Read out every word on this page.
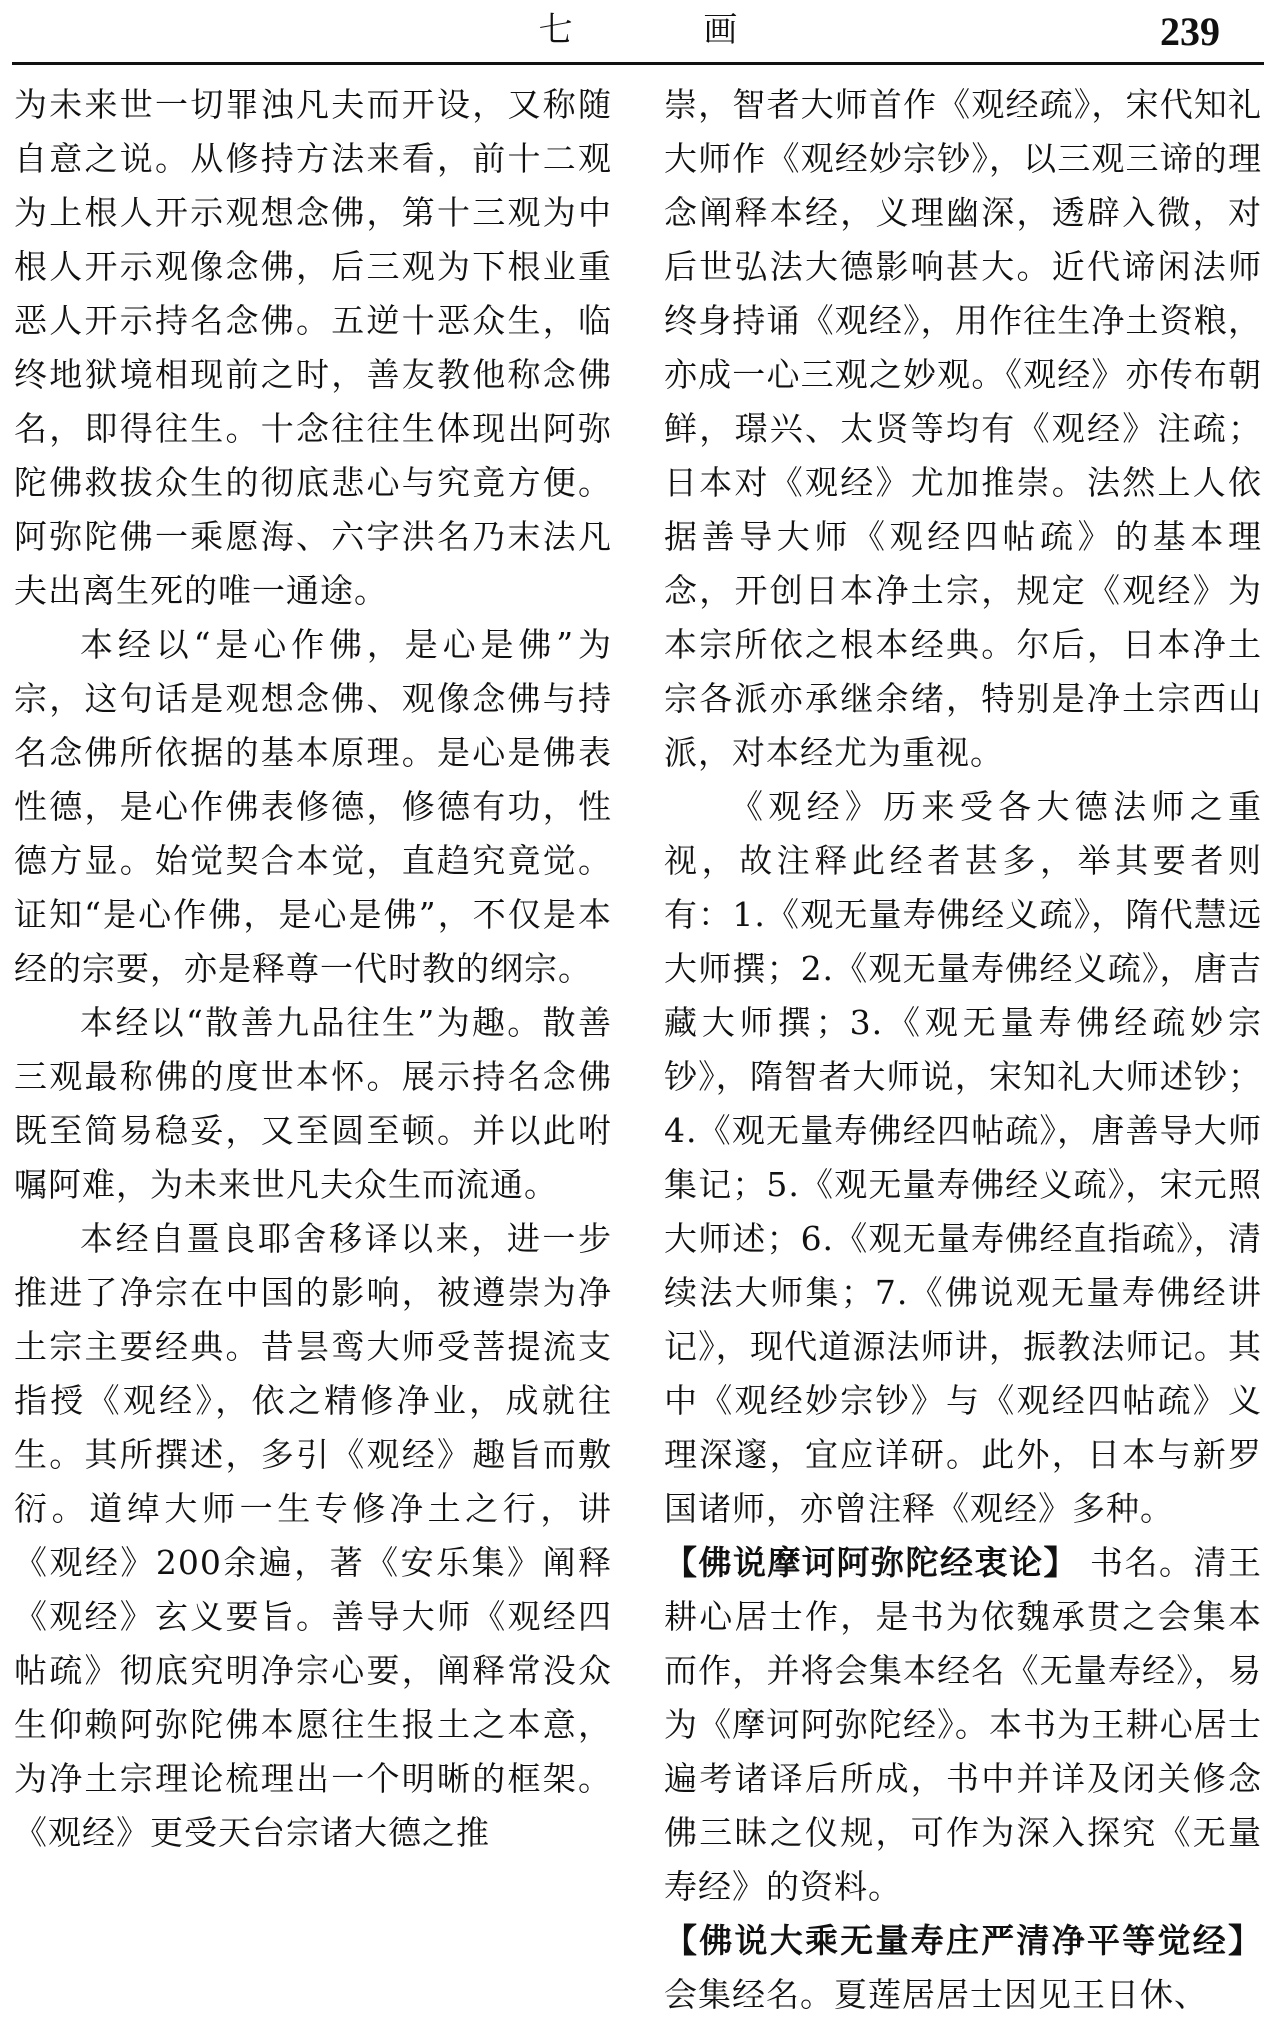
七 画	239

为未来世一切罪浊凡夫而开设，又称随自意之说。从修持方法来看，前十二观为上根人开示观想念佛，第十三观为中根人开示观像念佛，后三观为下根业重恶人开示持名念佛。五逆十恶众生，临终地狱境相现前之时，善友教他称念佛名，即得往生。十念往往生体现出阿弥陀佛救拔众生的彻底悲心与究竟方便。阿弥陀佛一乘愿海、六字洪名乃末法凡夫出离生死的唯一通途。

本经以“是心作佛，是心是佛”为宗，这句话是观想念佛、观像念佛与持名念佛所依据的基本原理。是心是佛表性德，是心作佛表修德，修德有功，性德方显。始觉契合本觉，直趋究竟觉。证知“是心作佛，是心是佛”，不仅是本经的宗要，亦是释尊一代时教的纲宗。

本经以“散善九品往生”为趣。散善三观最称佛的度世本怀。展示持名念佛既至简易稳妥，又至圆至顿。并以此咐嘱阿难，为未来世凡夫众生而流通。

本经自畺良耶舍移译以来，进一步推进了净宗在中国的影响，被遵崇为净土宗主要经典。昔昙鸾大师受菩提流支指授《观经》，依之精修净业，成就往生。其所撰述，多引《观经》趣旨而敷衍。道绰大师一生专修净土之行，讲《观经》200余遍，著《安乐集》阐释《观经》玄义要旨。善导大师《观经四帖疏》彻底究明净宗心要，阐释常没众生仰赖阿弥陀佛本愿往生报土之本意，为净土宗理论梳理出一个明晰的框架。《观经》更受天台宗诸大德之推

崇，智者大师首作《观经疏》，宋代知礼大师作《观经妙宗钞》，以三观三谛的理念阐释本经，义理幽深，透辟入微，对后世弘法大德影响甚大。近代谛闲法师终身持诵《观经》，用作往生净土资粮，亦成一心三观之妙观。《观经》亦传布朝鲜，璟兴、太贤等均有《观经》注疏；日本对《观经》尤加推崇。法然上人依据善导大师《观经四帖疏》的基本理念，开创日本净土宗，规定《观经》为本宗所依之根本经典。尔后，日本净土宗各派亦承继余绪，特别是净土宗西山派，对本经尤为重视。

《观经》历来受各大德法师之重视，故注释此经者甚多，举其要者则有：1.《观无量寿佛经义疏》，隋代慧远大师撰；2.《观无量寿佛经义疏》，唐吉藏大师撰；3.《观无量寿佛经疏妙宗钞》，隋智者大师说，宋知礼大师述钞；4.《观无量寿佛经四帖疏》，唐善导大师集记；5.《观无量寿佛经义疏》，宋元照大师述；6.《观无量寿佛经直指疏》，清续法大师集；7.《佛说观无量寿佛经讲记》，现代道源法师讲，振教法师记。其中《观经妙宗钞》与《观经四帖疏》义理深邃，宜应详研。此外，日本与新罗国诸师，亦曾注释《观经》多种。

【佛说摩诃阿弥陀经衷论】 书名。清王耕心居士作，是书为依魏承贯之会集本而作，并将会集本经名《无量寿经》，易为《摩诃阿弥陀经》。本书为王耕心居士遍考诸译后所成，书中并详及闭关修念佛三昧之仪规，可作为深入探究《无量寿经》的资料。

【佛说大乘无量寿庄严清净平等觉经】 会集经名。夏莲居居士因见王日休、
